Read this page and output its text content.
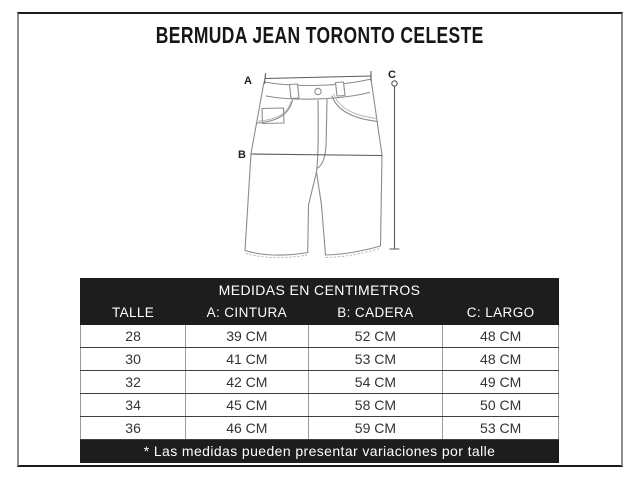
BERMUDA JEAN TORONTO CELESTE
A
B
C
MEDIDAS EN CENTIMETROS			
TALLE	A: CINTURA	B: CADERA	C: LARGO
28	39 CM	52 CM	48 CM
30	41 CM	53 CM	48 CM
32	42 CM	54 CM	49 CM
34	45 CM	58 CM	50 CM
36	46 CM	59 CM	53 CM
* Las medidas pueden presentar variaciones por talle			
